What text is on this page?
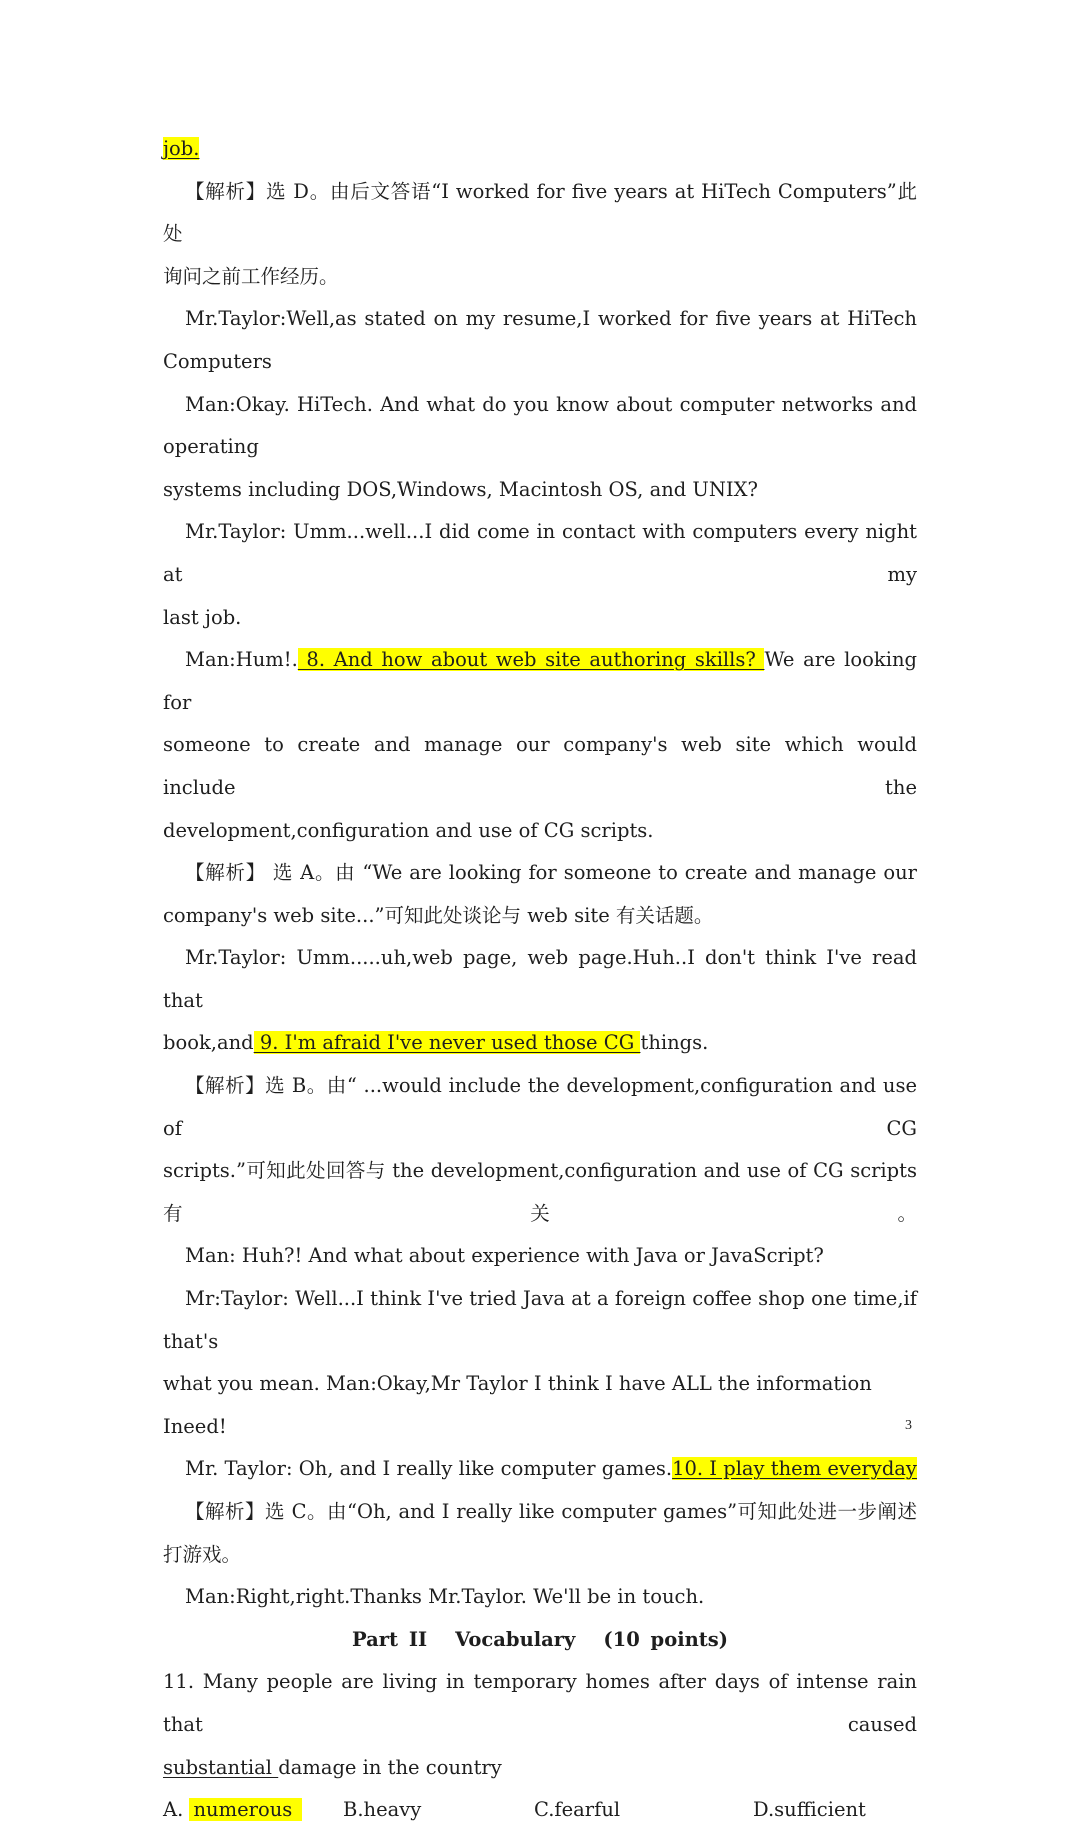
job.

【解析】选 D。由后文答语“I worked for five years at HiTech Computers”此处

询问之前工作经历。

Mr.Taylor:Well,as stated on my resume,I worked for five years at HiTech

Computers

Man:Okay. HiTech. And what do you know about computer networks and operating

systems including DOS,Windows, Macintosh OS, and UNIX?

Mr.Taylor: Umm...well...I did come in contact with computers every night at my

last job.

Man:Hum!. 8. And how about web site authoring skills? We are looking for

someone to create and manage our company's web site which would include the

development,configuration and use of CG scripts.

【解析】 选 A。由 “We are looking for someone to create and manage our

company's web site...”可知此处谈论与 web site 有关话题。

Mr.Taylor: Umm.....uh,web page, web page.Huh..I don't think I've read that

book,and 9. I'm afraid I've never used those CG things.

【解析】选 B。由“ ...would include the development,configuration and use of CG

scripts.”可知此处回答与 the development,configuration and use of CG scripts 有关。

Man: Huh?! And what about experience with Java or JavaScript?

Mr:Taylor: Well...I think I've tried Java at a foreign coffee shop one time,if that's

what you mean. Man:Okay,Mr Taylor I think I have ALL the information Ineed!

Mr. Taylor: Oh, and I really like computer games.10. I play them everyday

【解析】选 C。由“Oh, and I really like computer games”可知此处进一步阐述

打游戏。

Man:Right,right.Thanks Mr.Taylor. We'll be in touch.

Part II Vocabulary (10 points)

11. Many people are living in temporary homes after days of intense rain that caused

substantial damage in the country

A. numerous	B.heavy	C.fearful	D.sufficient
3
